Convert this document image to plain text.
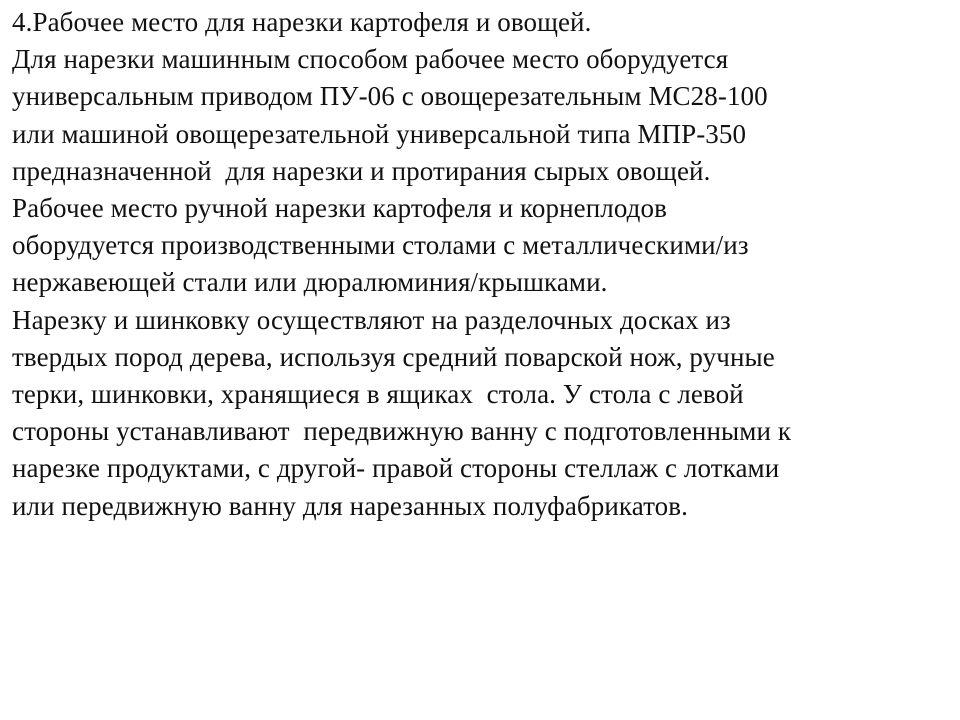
4.Рабочее место для нарезки картофеля и овощей.
Для нарезки машинным способом рабочее место оборудуется
универсальным приводом ПУ-06 с овощерезательным МС28-100
или машиной овощерезательной универсальной типа МПР-350
предназначенной  для нарезки и протирания сырых овощей.
Рабочее место ручной нарезки картофеля и корнеплодов
оборудуется производственными столами с металлическими/из
нержавеющей стали или дюралюминия/крышками.
Нарезку и шинковку осуществляют на разделочных досках из
твердых пород дерева, используя средний поварской нож, ручные
терки, шинковки, хранящиеся в ящиках  стола. У стола с левой
стороны устанавливают  передвижную ванну с подготовленными к
нарезке продуктами, с другой- правой стороны стеллаж с лотками
или передвижную ванну для нарезанных полуфабрикатов.
